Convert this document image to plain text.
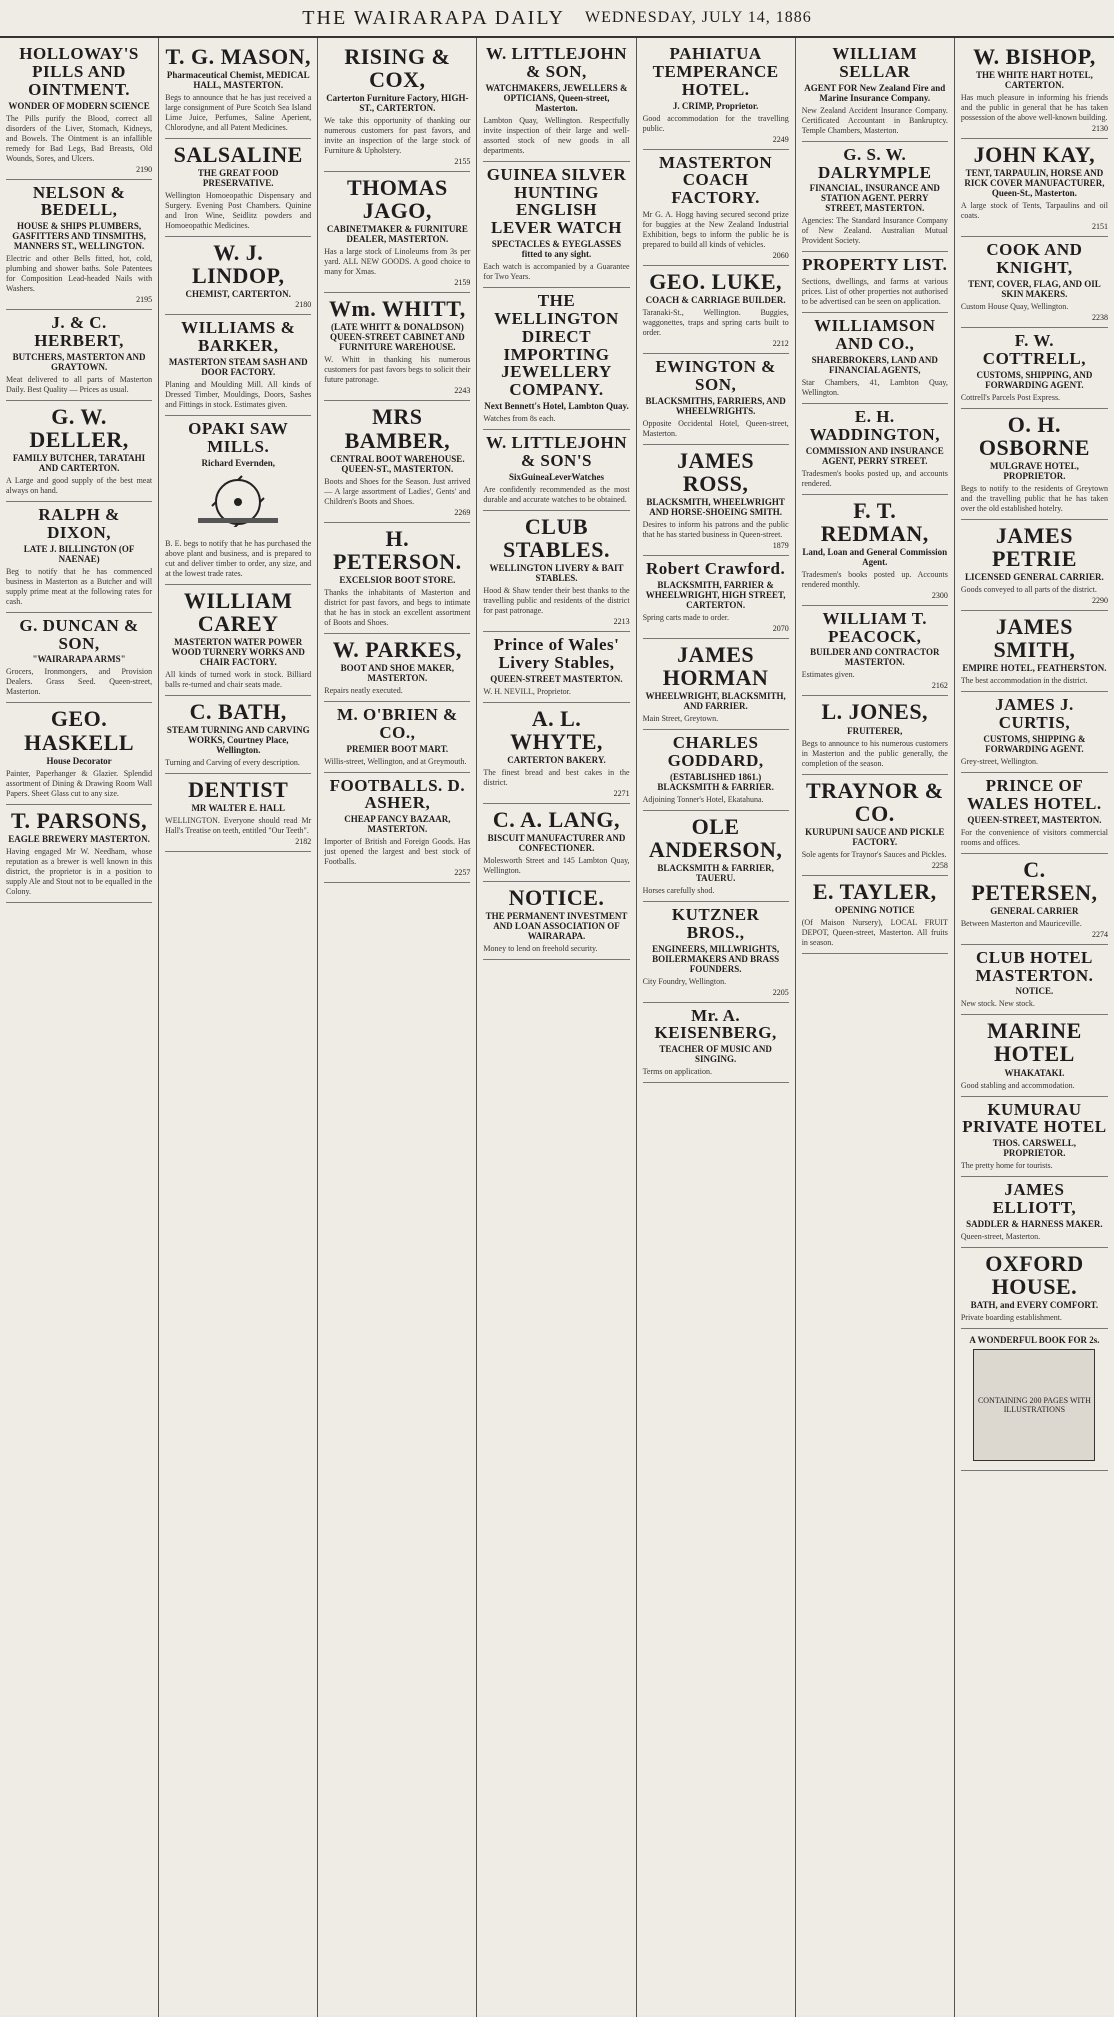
THE WAIRARAPA DAILY WEDNESDAY, JULY 14, 1886
HOLLOWAY'S PILLS AND OINTMENT.
WONDER OF MODERN SCIENCE
The Pills purify the Blood, correct all disorders of the Liver, Stomach, Kidneys, and Bowels. The Ointment is an infallible remedy for Bad Legs, Bad Breasts, Old Wounds, Sores, and Ulcers.
2190
NELSON & BEDELL,
HOUSE & SHIPS PLUMBERS, GASFITTERS AND TINSMITHS, MANNERS ST., WELLINGTON.
Electric and other Bells fitted, hot, cold, plumbing and shower baths. Sole Patentees for Composition Lead-headed Nails with Washers.
2195
J. & C. HERBERT,
BUTCHERS, MASTERTON AND GRAYTOWN.
Meat delivered to all parts of Masterton Daily. Best Quality — Prices as usual.
G. W. DELLER,
FAMILY BUTCHER, TARATAHI AND CARTERTON.
A Large and good supply of the best meat always on hand.
RALPH & DIXON,
LATE J. BILLINGTON (OF NAENAE)
Beg to notify that he has commenced business in Masterton as a Butcher and will supply prime meat at the following rates for cash.
G. DUNCAN & SON,
"WAIRARAPA ARMS"
Grocers, Ironmongers, and Provision Dealers. Grass Seed. Queen-street, Masterton.
GEO. HASKELL
House Decorator
Painter, Paperhanger & Glazier. Splendid assortment of Dining & Drawing Room Wall Papers. Sheet Glass cut to any size.
T. PARSONS,
EAGLE BREWERY MASTERTON.
Having engaged Mr W. Needham, whose reputation as a brewer is well known in this district, the proprietor is in a position to supply Ale and Stout not to be equalled in the Colony.
T. G. MASON,
Pharmaceutical Chemist, MEDICAL HALL, MASTERTON.
Begs to announce that he has just received a large consignment of Pure Scotch Sea Island Lime Juice, Perfumes, Saline Aperient, Chlorodyne, and all Patent Medicines.
SALSALINE
THE GREAT FOOD PRESERVATIVE.
Wellington Homoeopathic Dispensary and Surgery. Evening Post Chambers. Quinine and Iron Wine, Seidlitz powders and Homoeopathic Medicines.
W. J. LINDOP,
CHEMIST, CARTERTON.
2180
WILLIAMS & BARKER,
MASTERTON STEAM SASH AND DOOR FACTORY.
Planing and Moulding Mill. All kinds of Dressed Timber, Mouldings, Doors, Sashes and Fittings in stock. Estimates given.
OPAKI SAW MILLS.
Richard Evernden,
B. E. begs to notify that he has purchased the above plant and business, and is prepared to cut and deliver timber to order, any size, and at the lowest trade rates.
WILLIAM CAREY
MASTERTON WATER POWER WOOD TURNERY WORKS AND CHAIR FACTORY.
All kinds of turned work in stock. Billiard balls re-turned and chair seats made.
C. BATH,
STEAM TURNING AND CARVING WORKS, Courtney Place, Wellington.
Turning and Carving of every description.
DENTIST
MR WALTER E. HALL
WELLINGTON. Everyone should read Mr Hall's Treatise on teeth, entitled "Our Teeth".
2182
RISING & COX,
Carterton Furniture Factory, HIGH-ST., CARTERTON.
We take this opportunity of thanking our numerous customers for past favors, and invite an inspection of the large stock of Furniture & Upholstery.
2155
THOMAS JAGO,
CABINETMAKER & FURNITURE DEALER, MASTERTON.
Has a large stock of Linoleums from 3s per yard. ALL NEW GOODS. A good choice to many for Xmas.
2159
Wm. WHITT,
(LATE WHITT & DONALDSON) QUEEN-STREET CABINET AND FURNITURE WAREHOUSE.
W. Whitt in thanking his numerous customers for past favors begs to solicit their future patronage.
2243
MRS BAMBER,
CENTRAL BOOT WAREHOUSE. QUEEN-ST., MASTERTON.
Boots and Shoes for the Season. Just arrived — A large assortment of Ladies', Gents' and Children's Boots and Shoes.
2269
H. PETERSON.
EXCELSIOR BOOT STORE.
Thanks the inhabitants of Masterton and district for past favors, and begs to intimate that he has in stock an excellent assortment of Boots and Shoes.
W. PARKES,
BOOT AND SHOE MAKER, MASTERTON.
Repairs neatly executed.
M. O'BRIEN & CO.,
PREMIER BOOT MART.
Willis-street, Wellington, and at Greymouth.
FOOTBALLS. D. ASHER,
CHEAP FANCY BAZAAR, MASTERTON.
Importer of British and Foreign Goods. Has just opened the largest and best stock of Footballs.
2257
W. LITTLEJOHN & SON,
WATCHMAKERS, JEWELLERS & OPTICIANS, Queen-street, Masterton.
Lambton Quay, Wellington. Respectfully invite inspection of their large and well-assorted stock of new goods in all departments.
GUINEA SILVER HUNTING ENGLISH LEVER WATCH
SPECTACLES & EYEGLASSES fitted to any sight.
Each watch is accompanied by a Guarantee for Two Years.
THE WELLINGTON DIRECT IMPORTING JEWELLERY COMPANY.
Next Bennett's Hotel, Lambton Quay.
Watches from 8s each.
W. LITTLEJOHN & SON'S
SixGuineaLeverWatches
Are confidently recommended as the most durable and accurate watches to be obtained.
CLUB STABLES.
WELLINGTON LIVERY & BAIT STABLES.
Hood & Shaw tender their best thanks to the travelling public and residents of the district for past patronage.
2213
Prince of Wales' Livery Stables,
QUEEN-STREET MASTERTON.
W. H. NEVILL, Proprietor.
A. L. WHYTE,
CARTERTON BAKERY.
The finest bread and best cakes in the district.
2271
C. A. LANG,
BISCUIT MANUFACTURER AND CONFECTIONER.
Molesworth Street and 145 Lambton Quay, Wellington.
NOTICE.
THE PERMANENT INVESTMENT AND LOAN ASSOCIATION OF WAIRARAPA.
Money to lend on freehold security.
PAHIATUA TEMPERANCE HOTEL.
J. CRIMP, Proprietor.
Good accommodation for the travelling public.
2249
MASTERTON COACH FACTORY.
Mr G. A. Hogg having secured second prize for buggies at the New Zealand Industrial Exhibition, begs to inform the public he is prepared to build all kinds of vehicles.
2060
GEO. LUKE,
COACH & CARRIAGE BUILDER.
Taranaki-St., Wellington. Buggies, waggonettes, traps and spring carts built to order.
2212
EWINGTON & SON,
BLACKSMITHS, FARRIERS, AND WHEELWRIGHTS.
Opposite Occidental Hotel, Queen-street, Masterton.
JAMES ROSS,
BLACKSMITH, WHEELWRIGHT AND HORSE-SHOEING SMITH.
Desires to inform his patrons and the public that he has started business in Queen-street.
1879
Robert Crawford.
BLACKSMITH, FARRIER & WHEELWRIGHT, HIGH STREET, CARTERTON.
Spring carts made to order.
2070
JAMES HORMAN
WHEELWRIGHT, BLACKSMITH, AND FARRIER.
Main Street, Greytown.
CHARLES GODDARD,
(ESTABLISHED 1861.) BLACKSMITH & FARRIER.
Adjoining Tonner's Hotel, Ekatahuna.
OLE ANDERSON,
BLACKSMITH & FARRIER, TAUERU.
Horses carefully shod.
KUTZNER BROS.,
ENGINEERS, MILLWRIGHTS, BOILERMAKERS AND BRASS FOUNDERS.
City Foundry, Wellington.
2205
Mr. A. KEISENBERG,
TEACHER OF MUSIC AND SINGING.
Terms on application.
WILLIAM SELLAR
AGENT FOR New Zealand Fire and Marine Insurance Company.
New Zealand Accident Insurance Company. Certificated Accountant in Bankruptcy. Temple Chambers, Masterton.
G. S. W. DALRYMPLE
FINANCIAL, INSURANCE AND STATION AGENT. PERRY STREET, MASTERTON.
Agencies: The Standard Insurance Company of New Zealand. Australian Mutual Provident Society.
PROPERTY LIST.
Sections, dwellings, and farms at various prices. List of other properties not authorised to be advertised can be seen on application.
WILLIAMSON AND CO.,
SHAREBROKERS, LAND AND FINANCIAL AGENTS,
Star Chambers, 41, Lambton Quay, Wellington.
E. H. WADDINGTON,
COMMISSION AND INSURANCE AGENT, PERRY STREET.
Tradesmen's books posted up, and accounts rendered.
F. T. REDMAN,
Land, Loan and General Commission Agent.
Tradesmen's books posted up. Accounts rendered monthly.
2300
WILLIAM T. PEACOCK,
BUILDER AND CONTRACTOR MASTERTON.
Estimates given.
2162
L. JONES,
FRUITERER,
Begs to announce to his numerous customers in Masterton and the public generally, the completion of the season.
TRAYNOR & CO.
KURUPUNI SAUCE AND PICKLE FACTORY.
Sole agents for Traynor's Sauces and Pickles.
2258
E. TAYLER,
OPENING NOTICE
(Of Maison Nursery), LOCAL FRUIT DEPOT, Queen-street, Masterton. All fruits in season.
W. BISHOP,
THE WHITE HART HOTEL, CARTERTON.
Has much pleasure in informing his friends and the public in general that he has taken possession of the above well-known building.
2130
JOHN KAY,
TENT, TARPAULIN, HORSE AND RICK COVER MANUFACTURER, Queen-St., Masterton.
A large stock of Tents, Tarpaulins and oil coats.
2151
COOK AND KNIGHT,
TENT, COVER, FLAG, AND OIL SKIN MAKERS.
Custom House Quay, Wellington.
2238
F. W. COTTRELL,
CUSTOMS, SHIPPING, AND FORWARDING AGENT.
Cottrell's Parcels Post Express.
O. H. OSBORNE
MULGRAVE HOTEL, PROPRIETOR.
Begs to notify to the residents of Greytown and the travelling public that he has taken over the old established hotelry.
JAMES PETRIE
LICENSED GENERAL CARRIER.
Goods conveyed to all parts of the district.
2290
JAMES SMITH,
EMPIRE HOTEL, FEATHERSTON.
The best accommodation in the district.
JAMES J. CURTIS,
CUSTOMS, SHIPPING & FORWARDING AGENT.
Grey-street, Wellington.
PRINCE OF WALES HOTEL.
QUEEN-STREET, MASTERTON.
For the convenience of visitors commercial rooms and offices.
C. PETERSEN,
GENERAL CARRIER
Between Masterton and Mauriceville.
2274
CLUB HOTEL MASTERTON.
NOTICE.
New stock. New stock.
MARINE HOTEL
WHAKATAKI.
Good stabling and accommodation.
KUMURAU PRIVATE HOTEL
THOS. CARSWELL, PROPRIETOR.
The pretty home for tourists.
JAMES ELLIOTT,
SADDLER & HARNESS MAKER.
Queen-street, Masterton.
OXFORD HOUSE.
BATH, and EVERY COMFORT.
Private boarding establishment.
A WONDERFUL BOOK FOR 2s.
CONTAINING 200 PAGES WITH ILLUSTRATIONS
